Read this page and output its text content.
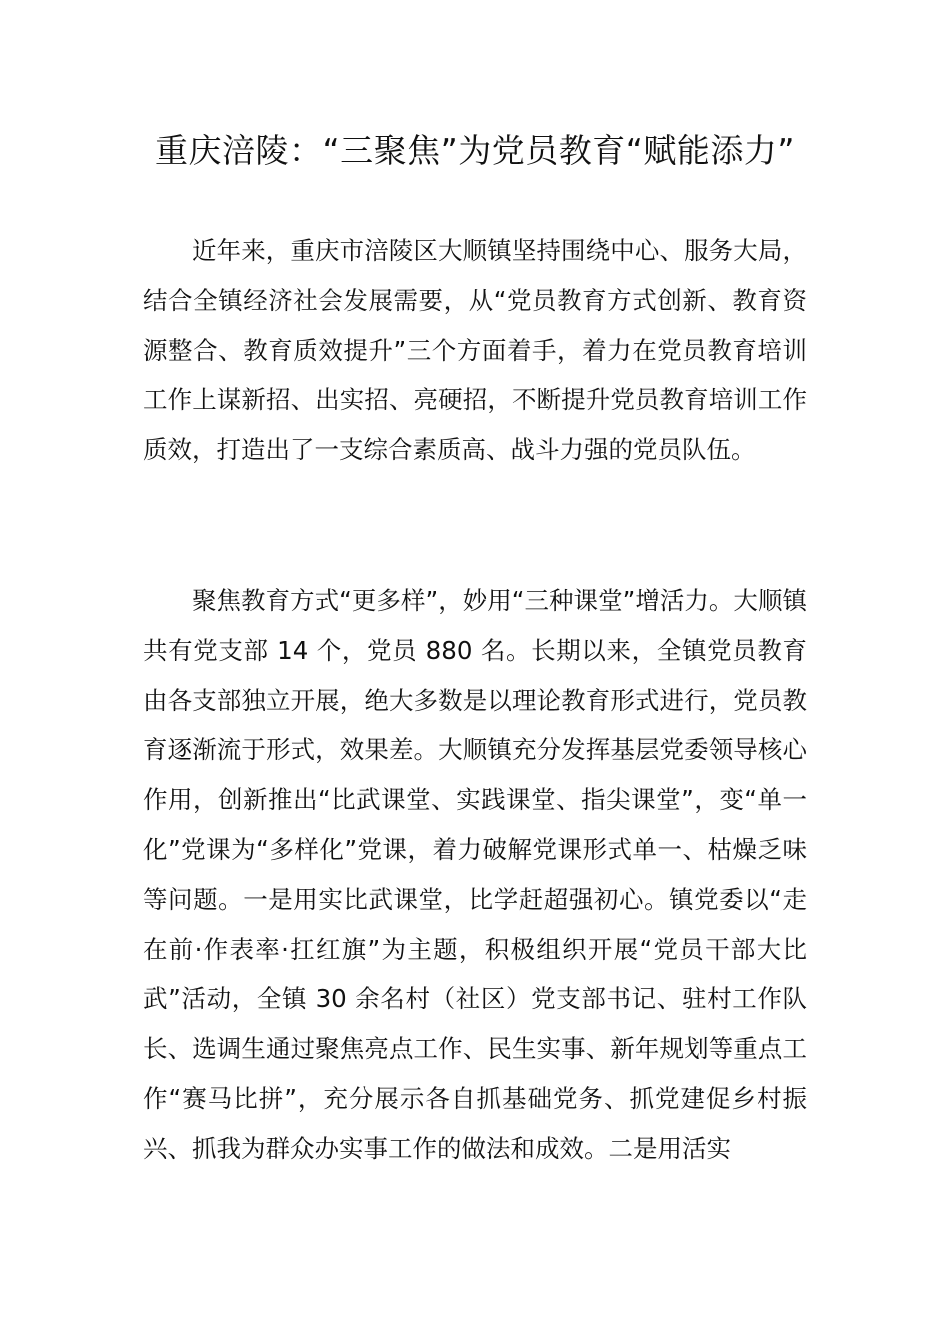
重庆涪陵：“三聚焦”为党员教育“赋能添力”

近年来，重庆市涪陵区大顺镇坚持围绕中心、服务大局，结合全镇经济社会发展需要，从“党员教育方式创新、教育资源整合、教育质效提升”三个方面着手，着力在党员教育培训工作上谋新招、出实招、亮硬招，不断提升党员教育培训工作质效，打造出了一支综合素质高、战斗力强的党员队伍。

聚焦教育方式“更多样”，妙用“三种课堂”增活力。大顺镇共有党支部 14 个，党员 880 名。长期以来，全镇党员教育由各支部独立开展，绝大多数是以理论教育形式进行，党员教育逐渐流于形式，效果差。大顺镇充分发挥基层党委领导核心作用，创新推出“比武课堂、实践课堂、指尖课堂”，变“单一化”党课为“多样化”党课，着力破解党课形式单一、枯燥乏味等问题。一是用实比武课堂，比学赶超强初心。镇党委以“走在前·作表率·扛红旗”为主题，积极组织开展“党员干部大比武”活动，全镇 30 余名村（社区）党支部书记、驻村工作队长、选调生通过聚焦亮点工作、民生实事、新年规划等重点工作“赛马比拼”，充分展示各自抓基础党务、抓党建促乡村振兴、抓我为群众办实事工作的做法和成效。二是用活实
